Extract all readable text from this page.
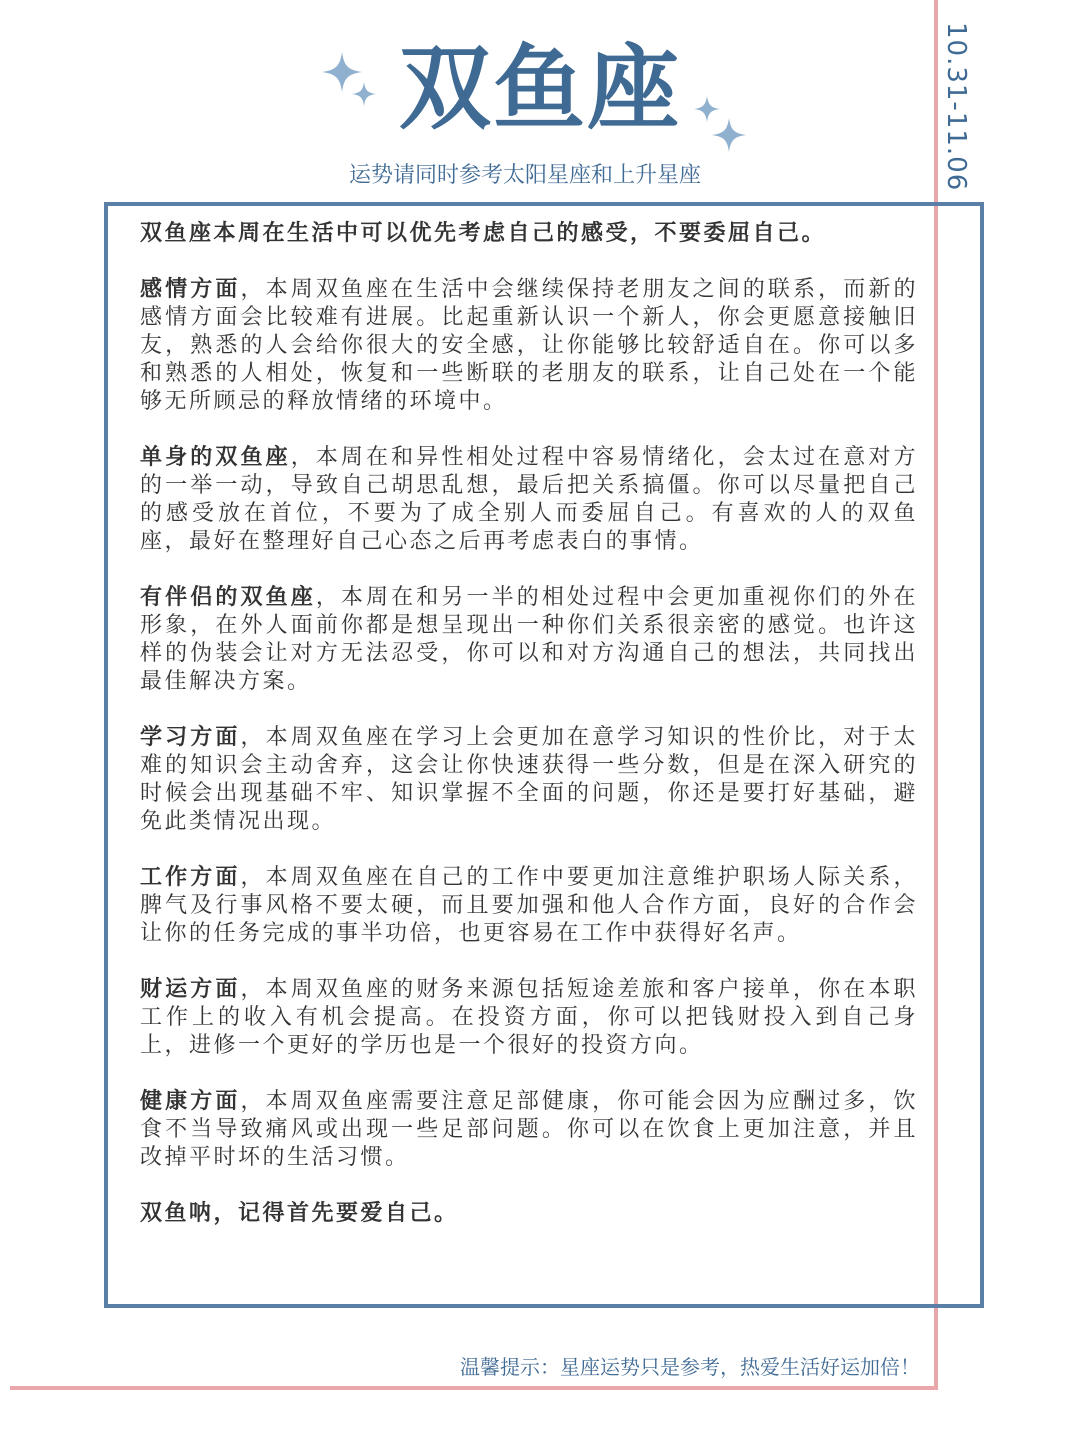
10.31-11.06
双鱼座
运势请同时参考太阳星座和上升星座

双鱼座本周在生活中可以优先考虑自己的感受，不要委屈自己。

感情方面，本周双鱼座在生活中会继续保持老朋友之间的联系，而新的感情方面会比较难有进展。比起重新认识一个新人，你会更愿意接触旧友，熟悉的人会给你很大的安全感，让你能够比较舒适自在。你可以多和熟悉的人相处，恢复和一些断联的老朋友的联系，让自己处在一个能够无所顾忌的释放情绪的环境中。

单身的双鱼座，本周在和异性相处过程中容易情绪化，会太过在意对方的一举一动，导致自己胡思乱想，最后把关系搞僵。你可以尽量把自己的感受放在首位，不要为了成全别人而委屈自己。有喜欢的人的双鱼座，最好在整理好自己心态之后再考虑表白的事情。

有伴侣的双鱼座，本周在和另一半的相处过程中会更加重视你们的外在形象，在外人面前你都是想呈现出一种你们关系很亲密的感觉。也许这样的伪装会让对方无法忍受，你可以和对方沟通自己的想法，共同找出最佳解决方案。

学习方面，本周双鱼座在学习上会更加在意学习知识的性价比，对于太难的知识会主动舍弃，这会让你快速获得一些分数，但是在深入研究的时候会出现基础不牢、知识掌握不全面的问题，你还是要打好基础，避免此类情况出现。

工作方面，本周双鱼座在自己的工作中要更加注意维护职场人际关系，脾气及行事风格不要太硬，而且要加强和他人合作方面，良好的合作会让你的任务完成的事半功倍，也更容易在工作中获得好名声。

财运方面，本周双鱼座的财务来源包括短途差旅和客户接单，你在本职工作上的收入有机会提高。在投资方面，你可以把钱财投入到自己身上，进修一个更好的学历也是一个很好的投资方向。

健康方面，本周双鱼座需要注意足部健康，你可能会因为应酬过多，饮食不当导致痛风或出现一些足部问题。你可以在饮食上更加注意，并且改掉平时坏的生活习惯。

双鱼呐，记得首先要爱自己。

温馨提示：星座运势只是参考，热爱生活好运加倍！
